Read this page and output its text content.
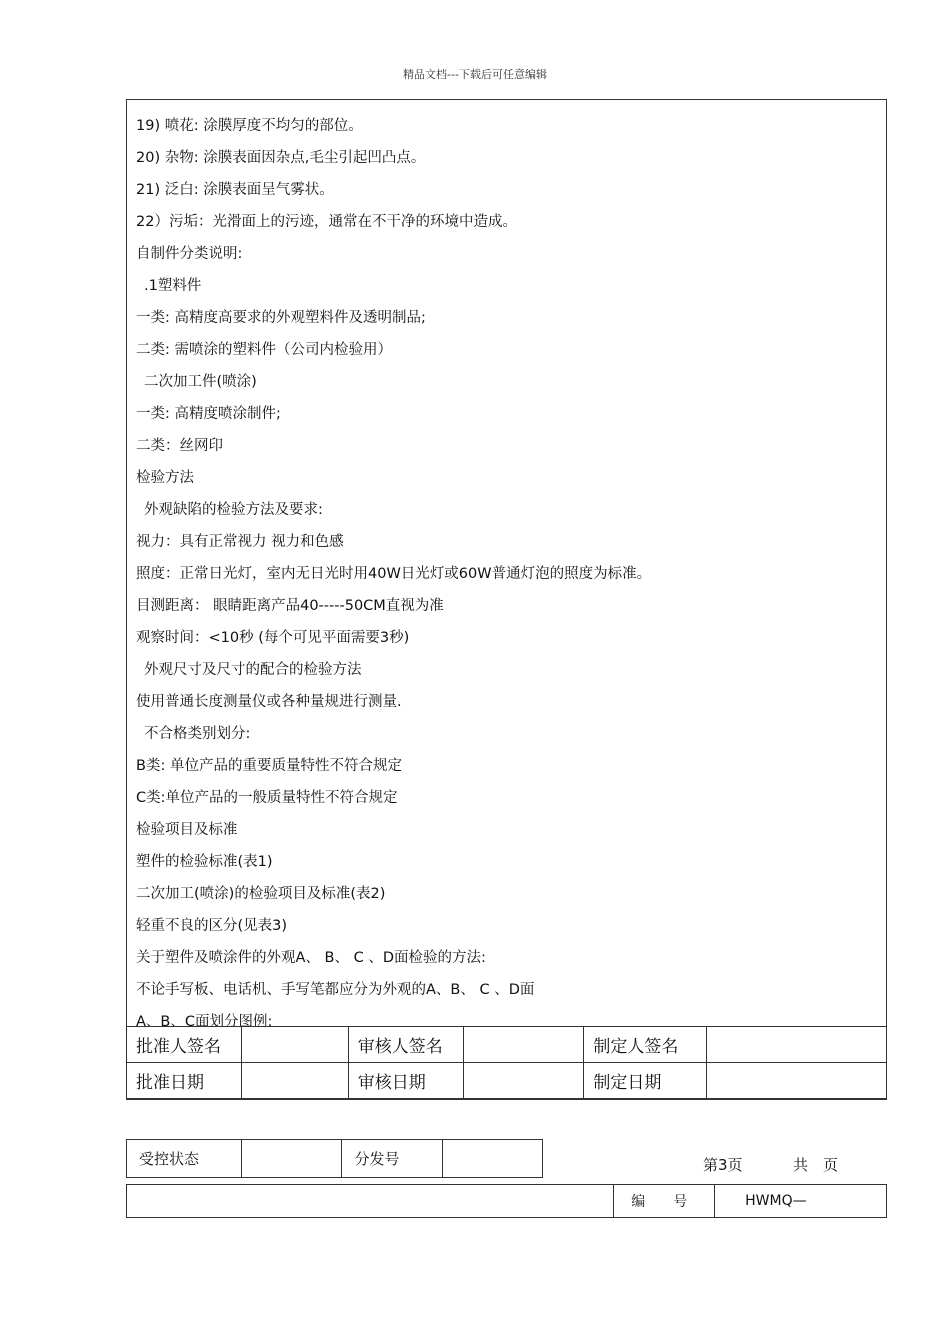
精品文档---下载后可任意编辑
19) 喷花: 涂膜厚度不均匀的部位。
20) 杂物: 涂膜表面因杂点,毛尘引起凹凸点。
21) 泛白: 涂膜表面呈气雾状。
22）污垢：光滑面上的污迹，通常在不干净的环境中造成。
自制件分类说明:
.1塑料件
一类: 高精度高要求的外观塑料件及透明制品;
二类: 需喷涂的塑料件（公司内检验用）
二次加工件(喷涂)
一类: 高精度喷涂制件;
二类：丝网印
检验方法
外观缺陷的检验方法及要求:
视力：具有正常视力 视力和色感
照度：正常日光灯，室内无日光时用40W日光灯或60W普通灯泡的照度为标准。
目测距离： 眼睛距离产品40-----50CM直视为准
观察时间：<10秒 (每个可见平面需要3秒)
外观尺寸及尺寸的配合的检验方法
使用普通长度测量仪或各种量规进行测量.
不合格类别划分:
B类: 单位产品的重要质量特性不符合规定
C类:单位产品的一般质量特性不符合规定
检验项目及标准
塑件的检验标准(表1)
二次加工(喷涂)的检验项目及标准(表2)
轻重不良的区分(见表3)
关于塑件及喷涂件的外观A、 B、 C 、D面检验的方法:
不论手写板、电话机、手写笔都应分为外观的A、B、 C 、D面
A、B、C面划分图例:
批准人签名		审核人签名		制定人签名	
批准日期		审核日期		制定日期	
受控状态		分发号		第3页	共　页
	编　　号	HWMQ—
